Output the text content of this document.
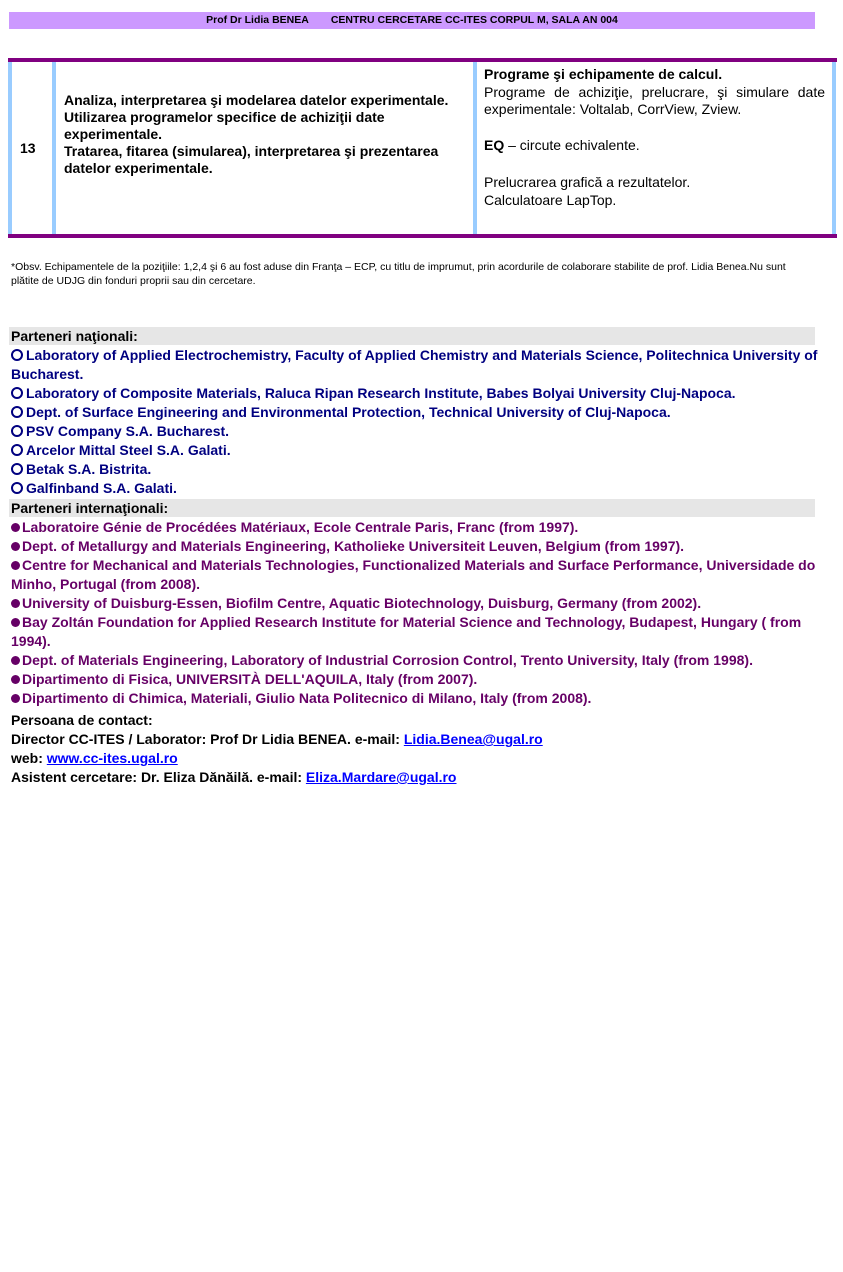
Prof Dr Lidia BENEA CENTRU CERCETARE CC-ITES CORPUL M, SALA AN 004
13
Analiza, interpretarea şi modelarea datelor experimentale.
Utilizarea programelor specifice de achiziţii date experimentale.
Tratarea, fitarea (simularea), interpretarea şi prezentarea datelor experimentale.
Programe şi echipamente de calcul.
Programe de achiziţie, prelucrare, şi simulare date experimentale: Voltalab, CorrView, Zview.
EQ – circute echivalente.
Prelucrarea grafică a rezultatelor.
Calculatoare LapTop.
*Obsv. Echipamentele de la poziţiile: 1,2,4 şi 6 au fost aduse din Franţa – ECP, cu titlu de imprumut, prin acordurile de colaborare stabilite de prof. Lidia Benea.Nu sunt plătite de UDJG din fonduri proprii sau din cercetare.
Parteneri naţionali:
Laboratory of Applied Electrochemistry, Faculty of Applied Chemistry and Materials Science, Politechnica University of Bucharest.
Laboratory of Composite Materials, Raluca Ripan Research Institute, Babes Bolyai University Cluj-Napoca.
Dept. of Surface Engineering and Environmental Protection, Technical University of Cluj-Napoca.
PSV Company S.A. Bucharest.
Arcelor Mittal Steel S.A. Galati.
Betak S.A. Bistrita.
Galfinband S.A. Galati.
Parteneri internaţionali:
Laboratoire Génie de Procédées Matériaux, Ecole Centrale Paris, Franc (from 1997).
Dept. of Metallurgy and Materials Engineering, Katholieke Universiteit Leuven, Belgium (from 1997).
Centre for Mechanical and Materials Technologies, Functionalized Materials and Surface Performance, Universidade do Minho, Portugal (from 2008).
University of Duisburg-Essen, Biofilm Centre, Aquatic Biotechnology, Duisburg, Germany (from 2002).
Bay Zoltán Foundation for Applied Research Institute for Material Science and Technology, Budapest, Hungary ( from 1994).
Dept. of Materials Engineering, Laboratory of Industrial Corrosion Control, Trento University, Italy (from 1998).
Dipartimento di Fisica, UNIVERSITÀ DELL'AQUILA, Italy (from 2007).
Dipartimento di Chimica, Materiali, Giulio Nata Politecnico di Milano, Italy (from 2008).
Persoana de contact:
Director CC-ITES / Laborator: Prof Dr Lidia BENEA. e-mail: Lidia.Benea@ugal.ro
web: www.cc-ites.ugal.ro
Asistent cercetare: Dr. Eliza Dănăilă. e-mail: Eliza.Mardare@ugal.ro
